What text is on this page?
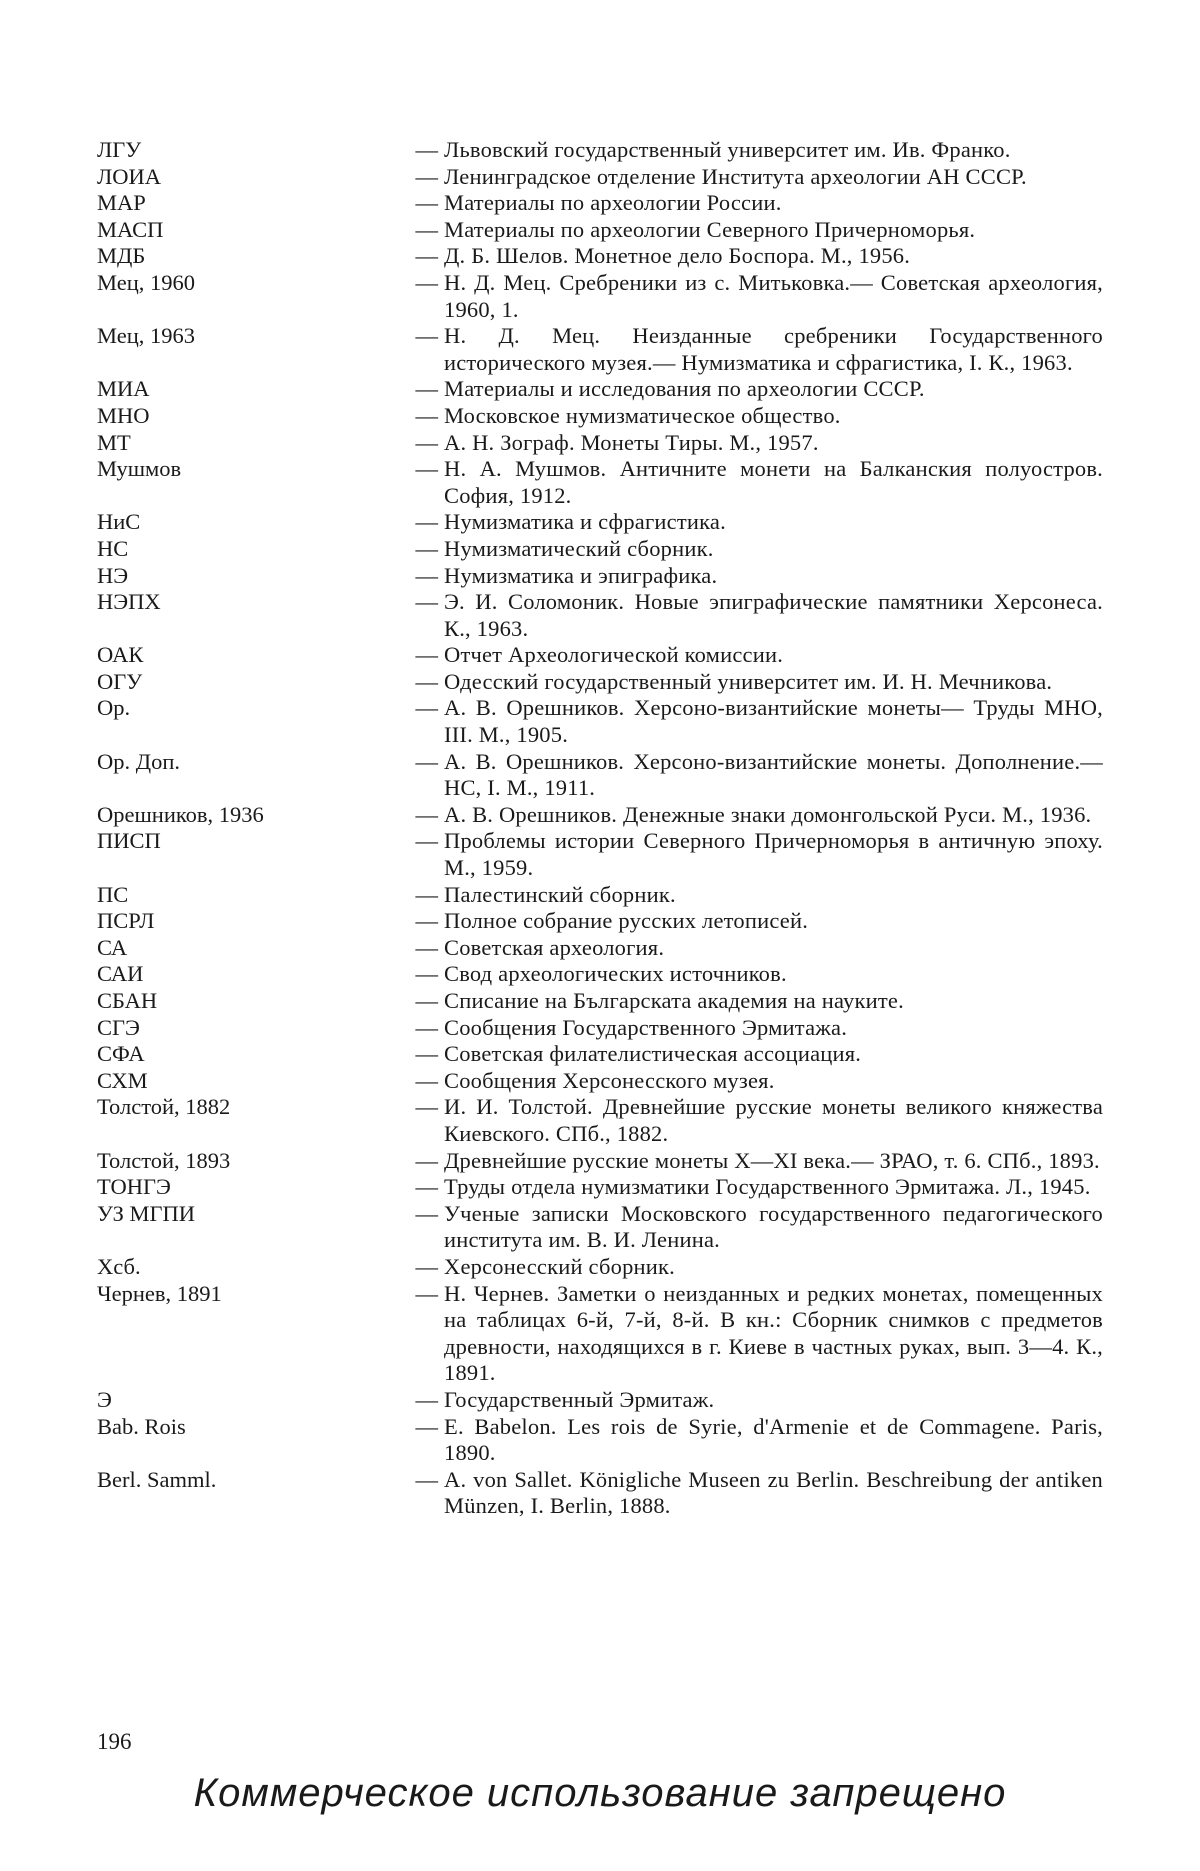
ЛГУ	— Львовский государственный университет им. Ив. Франко.
ЛОИА	— Ленинградское отделение Института археологии АН СССР.
МАР	— Материалы по археологии России.
МАСП	— Материалы по археологии Северного Причерноморья.
МДБ	— Д. Б. Шелов. Монетное дело Боспора. М., 1956.
Мец, 1960	— Н. Д. Мец. Сребреники из с. Митьковка.— Советская археология, 1960, 1.
Мец, 1963	— Н. Д. Мец. Неизданные сребреники Государственного исторического музея.— Нумизматика и сфрагистика, I. К., 1963.
МИА	— Материалы и исследования по археологии СССР.
МНО	— Московское нумизматическое общество.
МТ	— А. Н. Зограф. Монеты Тиры. М., 1957.
Мушмов	— Н. А. Мушмов. Античните монети на Балканския полуостров. София, 1912.
НиС	— Нумизматика и сфрагистика.
НС	— Нумизматический сборник.
НЭ	— Нумизматика и эпиграфика.
НЭПХ	— Э. И. Соломоник. Новые эпиграфические памятники Херсонеса. К., 1963.
ОАК	— Отчет Археологической комиссии.
ОГУ	— Одесский государственный университет им. И. Н. Мечникова.
Ор.	— А. В. Орешников. Херсоно-византийские монеты— Труды МНО, III. М., 1905.
Ор. Доп.	— А. В. Орешников. Херсоно-византийские монеты. Дополнение.— НС, I. М., 1911.
Орешников, 1936	— А. В. Орешников. Денежные знаки домонгольской Руси. М., 1936.
ПИСП	— Проблемы истории Северного Причерноморья в античную эпоху. М., 1959.
ПС	— Палестинский сборник.
ПСРЛ	— Полное собрание русских летописей.
СА	— Советская археология.
САИ	— Свод археологических источников.
СБАН	— Списание на Българската академия на науките.
СГЭ	— Сообщения Государственного Эрмитажа.
СФА	— Советская филателистическая ассоциация.
СХМ	— Сообщения Херсонесского музея.
Толстой, 1882	— И. И. Толстой. Древнейшие русские монеты великого княжества Киевского. СПб., 1882.
Толстой, 1893	— Древнейшие русские монеты X—XI века.— ЗРАО, т. 6. СПб., 1893.
ТОНГЭ	— Труды отдела нумизматики Государственного Эрмитажа. Л., 1945.
УЗ МГПИ	— Ученые записки Московского государственного педагогического института им. В. И. Ленина.
Хсб.	— Херсонесский сборник.
Чернев, 1891	— Н. Чернев. Заметки о неизданных и редких монетах, помещенных на таблицах 6-й, 7-й, 8-й. В кн.: Сборник снимков с предметов древности, находящихся в г. Киеве в частных руках, вып. 3—4. К., 1891.
Э	— Государственный Эрмитаж.
Bab. Rois	— E. Babelon. Les rois de Syrie, d'Armenie et de Commagene. Paris, 1890.
Berl. Samml.	— A. von Sallet. Königliche Museen zu Berlin. Beschreibung der antiken Münzen, I. Berlin, 1888.
196
Коммерческое использование запрещено
